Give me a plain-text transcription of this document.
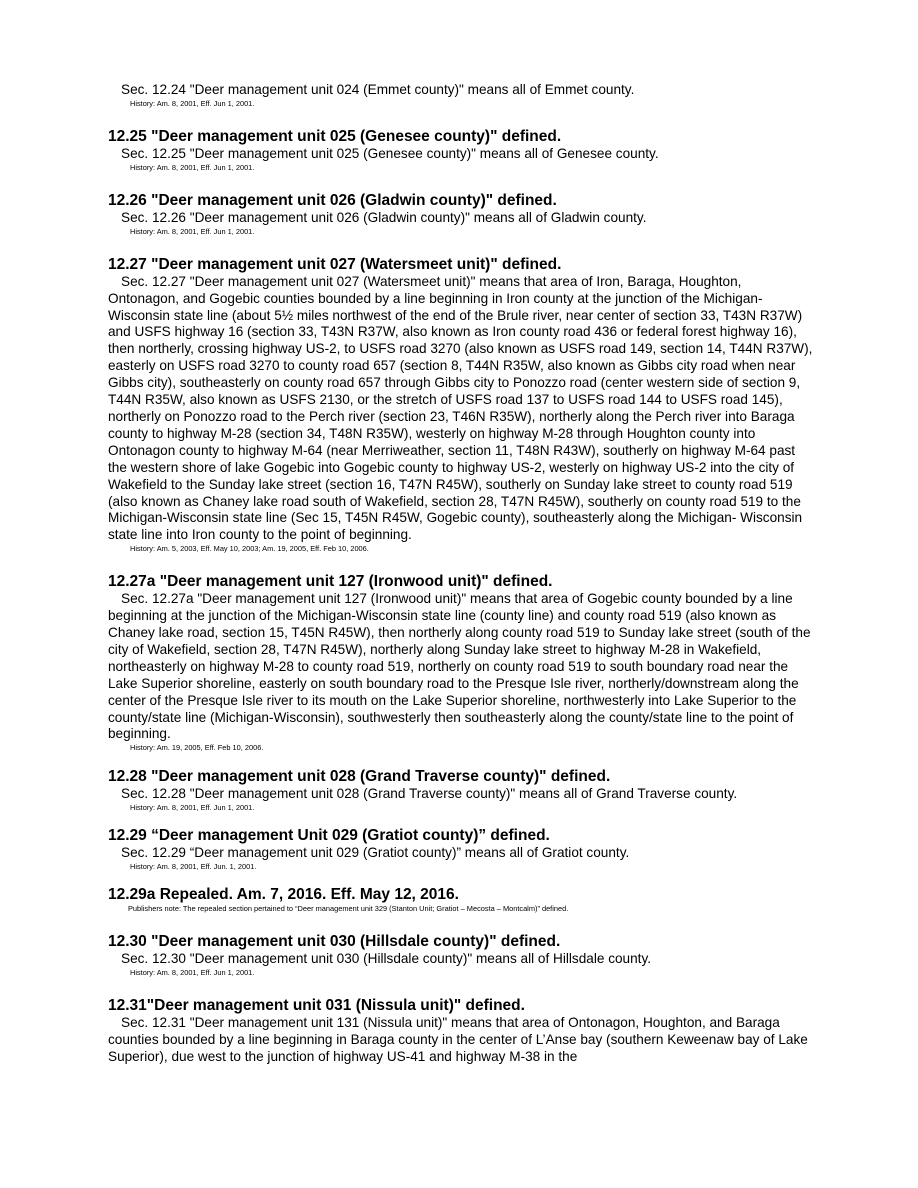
Sec. 12.24 "Deer management unit 024 (Emmet county)" means all of Emmet county.

History: Am. 8, 2001, Eff. Jun 1, 2001.

12.25 "Deer management unit 025 (Genesee county)" defined.

Sec. 12.25 "Deer management unit 025 (Genesee county)" means all of Genesee county.

History: Am. 8, 2001, Eff. Jun 1, 2001.

12.26 "Deer management unit 026 (Gladwin county)" defined.

Sec. 12.26 "Deer management unit 026 (Gladwin county)" means all of Gladwin county.

History: Am. 8, 2001, Eff. Jun 1, 2001.

12.27 "Deer management unit 027 (Watersmeet unit)" defined.

Sec. 12.27 "Deer management unit 027 (Watersmeet unit)" means that area of Iron, Baraga, Houghton, Ontonagon, and Gogebic counties bounded by a line beginning in Iron county at the junction of the Michigan- Wisconsin state line (about 5½ miles northwest of the end of the Brule river, near center of section 33, T43N R37W) and USFS highway 16 (section 33, T43N R37W, also known as Iron county road 436 or federal forest highway 16), then northerly, crossing highway US-2, to USFS road 3270 (also known as USFS road 149, section 14, T44N R37W), easterly on USFS road 3270 to county road 657 (section 8, T44N R35W, also known as Gibbs city road when near Gibbs city), southeasterly on county road 657 through Gibbs city to Ponozzo road (center western side of section 9, T44N R35W, also known as USFS 2130, or the stretch of USFS road 137 to USFS road 144 to USFS road 145), northerly on Ponozzo road to the Perch river (section 23, T46N R35W), northerly along the Perch river into Baraga county to highway M-28 (section 34, T48N R35W), westerly on highway M-28 through Houghton county into Ontonagon county to highway M-64 (near Merriweather, section 11, T48N R43W), southerly on highway M-64 past the western shore of lake Gogebic into Gogebic county to highway US-2, westerly on highway US-2 into the city of Wakefield to the Sunday lake street (section 16, T47N R45W), southerly on Sunday lake street to county road 519 (also known as Chaney lake road south of Wakefield, section 28, T47N R45W), southerly on county road 519 to the Michigan-Wisconsin state line (Sec 15, T45N R45W, Gogebic county), southeasterly along the Michigan- Wisconsin state line into Iron county to the point of beginning.

History: Am. 5, 2003, Eff. May 10, 2003; Am. 19, 2005, Eff. Feb 10, 2006.

12.27a "Deer management unit 127 (Ironwood unit)" defined.

Sec. 12.27a "Deer management unit 127 (Ironwood unit)" means that area of Gogebic county bounded by a line beginning at the junction of the Michigan-Wisconsin state line (county line) and county road 519 (also known as Chaney lake road, section 15, T45N R45W), then northerly along county road 519 to Sunday lake street (south of the city of Wakefield, section 28, T47N R45W), northerly along Sunday lake street to highway M-28 in Wakefield, northeasterly on highway M-28 to county road 519, northerly on county road 519 to south boundary road near the Lake Superior shoreline, easterly on south boundary road to the Presque Isle river, northerly/downstream along the center of the Presque Isle river to its mouth on the Lake Superior shoreline, northwesterly into Lake Superior to the county/state line (Michigan-Wisconsin), southwesterly then southeasterly along the county/state line to the point of beginning.

History: Am. 19, 2005, Eff. Feb 10, 2006.

12.28 "Deer management unit 028 (Grand Traverse county)" defined.

Sec. 12.28 "Deer management unit 028 (Grand Traverse county)" means all of Grand Traverse county.

History: Am. 8, 2001, Eff. Jun 1, 2001.

12.29 “Deer management Unit 029 (Gratiot county)” defined.

Sec. 12.29 “Deer management unit 029 (Gratiot county)” means all of Gratiot county.

History: Am. 8, 2001, Eff. Jun. 1, 2001.

12.29a Repealed. Am. 7, 2016. Eff. May 12, 2016.

Publishers note: The repealed section pertained to “Deer management unit 329 (Stanton Unit; Gratiot – Mecosta – Montcalm)” defined.

12.30 "Deer management unit 030 (Hillsdale county)" defined.

Sec. 12.30 "Deer management unit 030 (Hillsdale county)" means all of Hillsdale county.

History: Am. 8, 2001, Eff. Jun 1, 2001.

12.31"Deer management unit 031 (Nissula unit)" defined.

Sec. 12.31 "Deer management unit 131 (Nissula unit)" means that area of Ontonagon, Houghton, and Baraga counties bounded by a line beginning in Baraga county in the center of L’Anse bay (southern Keweenaw bay of Lake Superior), due west to the junction of highway US-41 and highway M-38 in the
